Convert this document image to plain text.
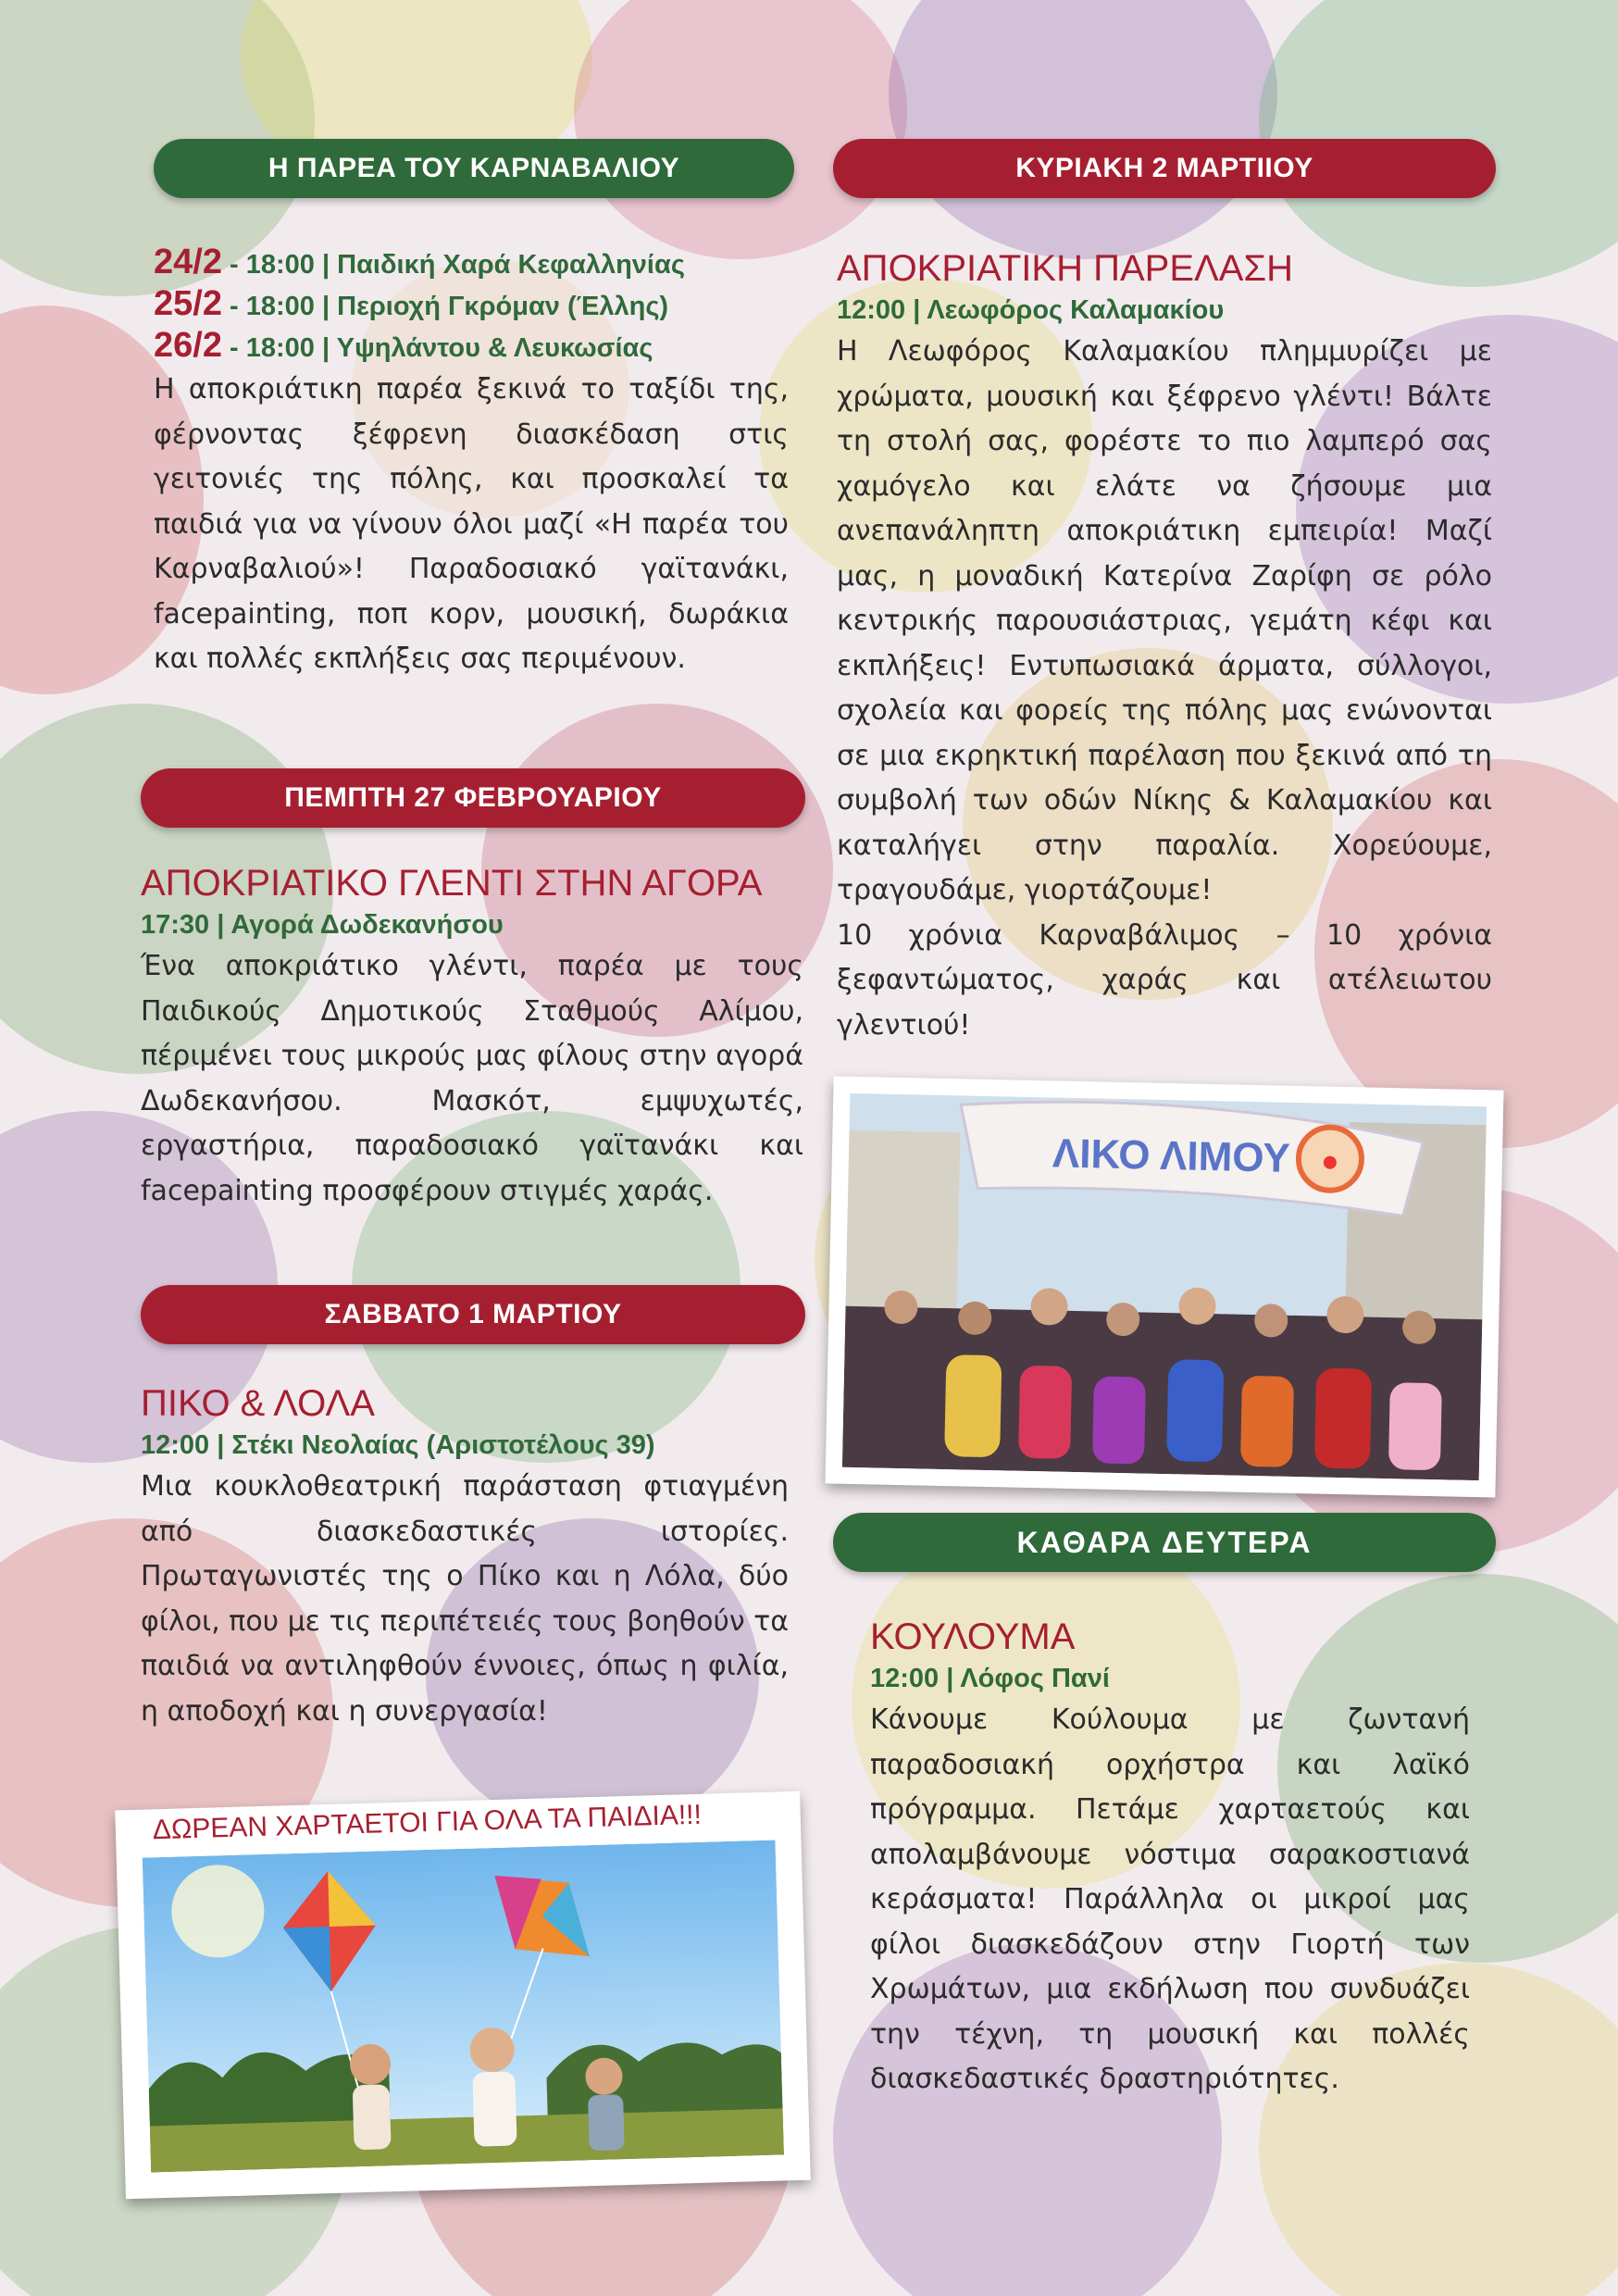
Η ΠΑΡΕΑ ΤΟΥ ΚΑΡΝΑΒΑΛΙΟΥ
24/2 - 18:00 | Παιδική Χαρά Κεφαλληνίας
25/2 - 18:00 | Περιοχή Γκρόμαν (Έλλης)
26/2 - 18:00 | Υψηλάντου & Λευκωσίας

Η αποκριάτικη παρέα ξεκινά το ταξίδι της, φέρνοντας ξέφρενη διασκέδαση στις γειτονιές της πόλης, και προσκαλεί τα παιδιά για να γίνουν όλοι μαζί «Η παρέα του Καρναβαλιού»! Παραδοσιακό γαϊτανάκι, facepainting, ποπ κορν, μουσική, δωράκια και πολλές εκπλήξεις σας περιμένουν.

ΠΕΜΠΤΗ 27 ΦΕΒΡΟΥΑΡΙΟΥ
ΑΠΟΚΡΙΑΤΙΚΟ ΓΛΕΝΤΙ ΣΤΗΝ ΑΓΟΡΑ
17:30 | Αγορά Δωδεκανήσου

Ένα αποκριάτικο γλέντι, παρέα με τους Παιδικούς Δημοτικούς Σταθμούς Αλίμου, πέριμένει τους μικρούς μας φίλους στην αγορά Δωδεκανήσου. Μασκότ, εμψυχωτές, εργαστήρια, παραδοσιακό γαϊτανάκι και facepainting προσφέρουν στιγμές χαράς.

ΣΑΒΒΑΤΟ 1 ΜΑΡΤΙΟΥ
ΠΙΚΟ & ΛΟΛΑ
12:00 | Στέκι Νεολαίας (Αριστοτέλους 39)

Μια κουκλοθεατρική παράσταση φτιαγμένη από διασκεδαστικές ιστορίες. Πρωταγωνιστές της ο Πίκο και η Λόλα, δύο φίλοι, που με τις περιπέτειές τους βοηθούν τα παιδιά να αντιληφθούν έννοιες, όπως η φιλία, η αποδοχή και η συνεργασία!

ΔΩΡΕΑΝ ΧΑΡΤΑΕΤΟΙ ΓΙΑ ΟΛΑ ΤΑ ΠΑΙΔΙΑ!!!
ΚΥΡΙΑΚΗ 2 ΜΑΡΤΙΙΟΥ
ΑΠΟΚΡΙΑΤΙΚΗ ΠΑΡΕΛΑΣΗ
12:00 | Λεωφόρος Καλαμακίου

Η Λεωφόρος Καλαμακίου πλημμυρίζει με χρώματα, μουσική και ξέφρενο γλέντι! Βάλτε τη στολή σας, φορέστε το πιο λαμπερό σας χαμόγελο και ελάτε να ζήσουμε μια ανεπανάληπτη αποκριάτικη εμπειρία! Μαζί μας, η μοναδική Κατερίνα Ζαρίφη σε ρόλο κεντρικής παρουσιάστριας, γεμάτη κέφι και εκπλήξεις! Εντυπωσιακά άρματα, σύλλογοι, σχολεία και φορείς της πόλης μας ενώνονται σε μια εκρηκτική παρέλαση που ξεκινά από τη συμβολή των οδών Νίκης & Καλαμακίου και καταλήγει στην παραλία. Χορεύουμε, τραγουδάμε, γιορτάζουμε!

10 χρόνια Καρναβάλιμος – 10 χρόνια ξεφαντώματος, χαράς και ατέλειωτου γλεντιού!

ΛΙΚΟ ΛΙΜΟΥ
ΚΑΘΑΡΑ ΔΕΥΤΕΡΑ
ΚΟΥΛΟΥΜΑ
12:00 | Λόφος Πανί

Κάνουμε Κούλουμα με ζωντανή παραδοσιακή ορχήστρα και λαϊκό πρόγραμμα. Πετάμε χαρταετούς και απολαμβάνουμε νόστιμα σαρακοστιανά κεράσματα! Παράλληλα οι μικροί μας φίλοι διασκεδάζουν στην Γιορτή των Χρωμάτων, μια εκδήλωση που συνδυάζει την τέχνη, τη μουσική και πολλές διασκεδαστικές δραστηριότητες.
